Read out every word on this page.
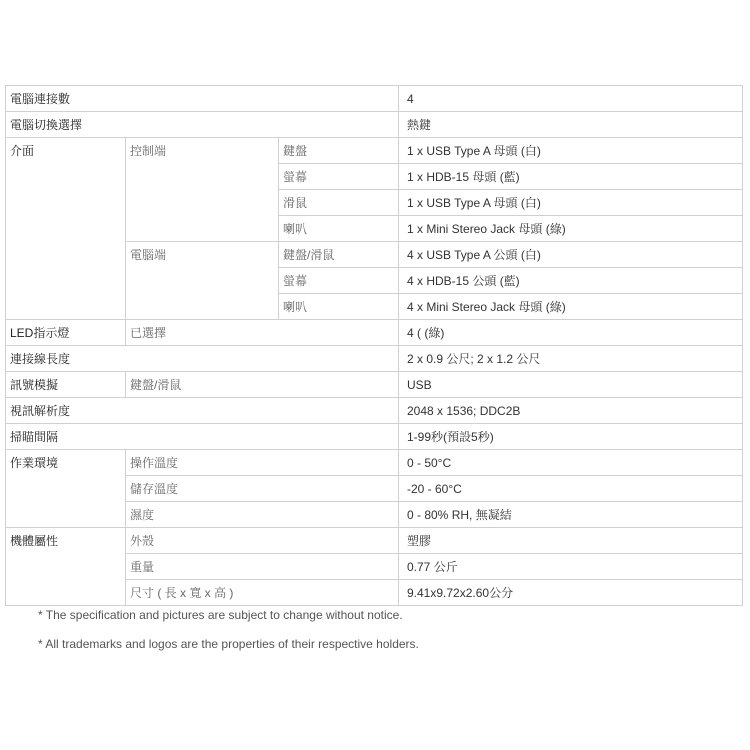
電腦連接數			4
電腦切換選擇			熱鍵
介面	控制端	鍵盤	1 x USB Type A 母頭 (白)
		螢幕	1 x HDB-15 母頭 (藍)
		滑鼠	1 x USB Type A 母頭 (白)
		喇叭	1 x Mini Stereo Jack 母頭 (綠)
	電腦端	鍵盤/滑鼠	4 x USB Type A 公頭 (白)
		螢幕	4 x HDB-15 公頭 (藍)
		喇叭	4 x Mini Stereo Jack 母頭 (綠)
LED指示燈	已選擇		4 ( (綠)
連接線長度			2 x 0.9 公尺; 2 x 1.2 公尺
訊號模擬	鍵盤/滑鼠		USB
視訊解析度			2048 x 1536; DDC2B
掃瞄間隔			1-99秒(預設5秒)
作業環境	操作溫度		0 - 50°C
	儲存溫度		-20 - 60°C
	濕度		0 - 80% RH, 無凝結
機體屬性	外殼		塑膠
	重量		0.77 公斤
	尺寸 ( 長 x 寬 x 高 )		9.41x9.72x2.60公分
* The specification and pictures are subject to change without notice.
* All trademarks and logos are the properties of their respective holders.
